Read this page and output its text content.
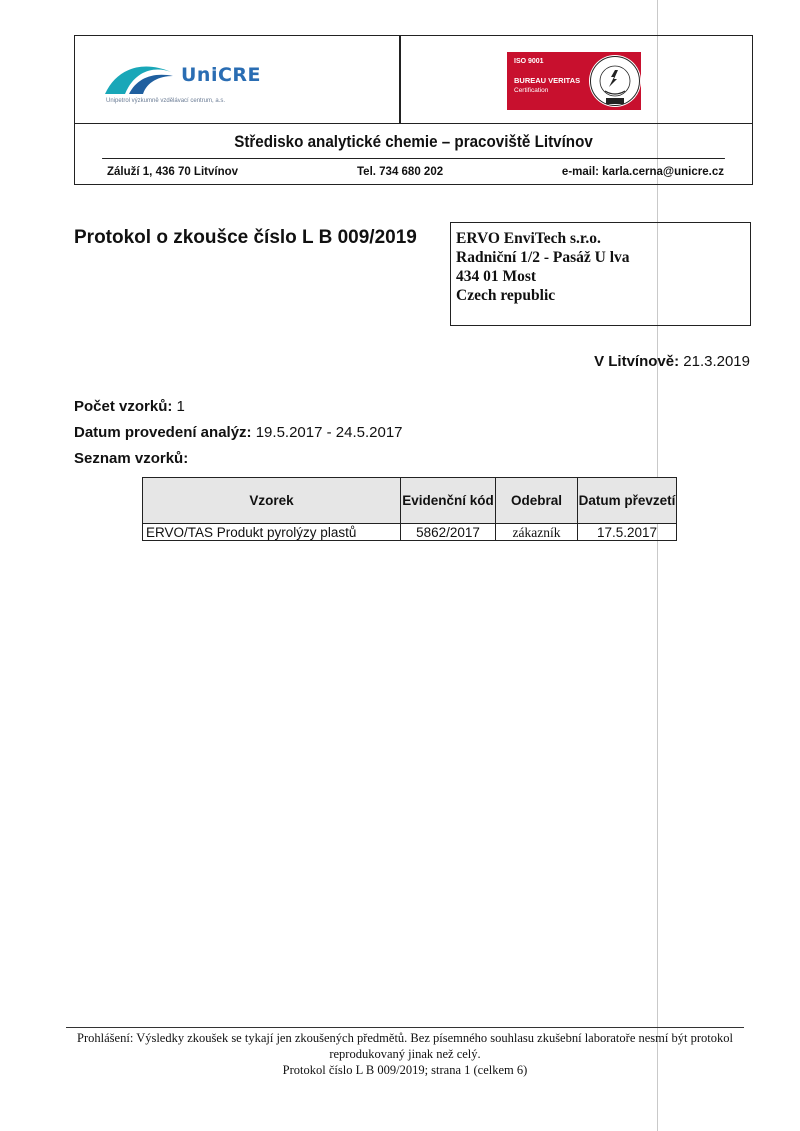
UniCRE
Unipetrol výzkumně vzdělávací centrum, a.s.
ISO 9001
BUREAU VERITAS
Certification
Středisko analytické chemie – pracoviště Litvínov
Záluží 1, 436 70 Litvínov	Tel. 734 680 202	e-mail: karla.cerna@unicre.cz
Protokol o zkoušce číslo L B 009/2019	ERVO EnviTech s.r.o.
Radniční 1/2 - Pasáž U lva
434 01 Most
Czech republic
V Litvínově: 21.3.2019
Počet vzorků: 1
Datum provedení analýz: 19.5.2017 - 24.5.2017
Seznam vzorků:
Vzorek	Evidenční kód	Odebral	Datum převzetí
ERVO/TAS Produkt pyrolýzy plastů	5862/2017	zákazník	17.5.2017
Prohlášení: Výsledky zkoušek se tykají jen zkoušených předmětů. Bez písemného souhlasu zkušební laboratoře nesmí být protokol reprodukovaný jinak než celý.
Protokol číslo L B 009/2019; strana 1 (celkem 6)
